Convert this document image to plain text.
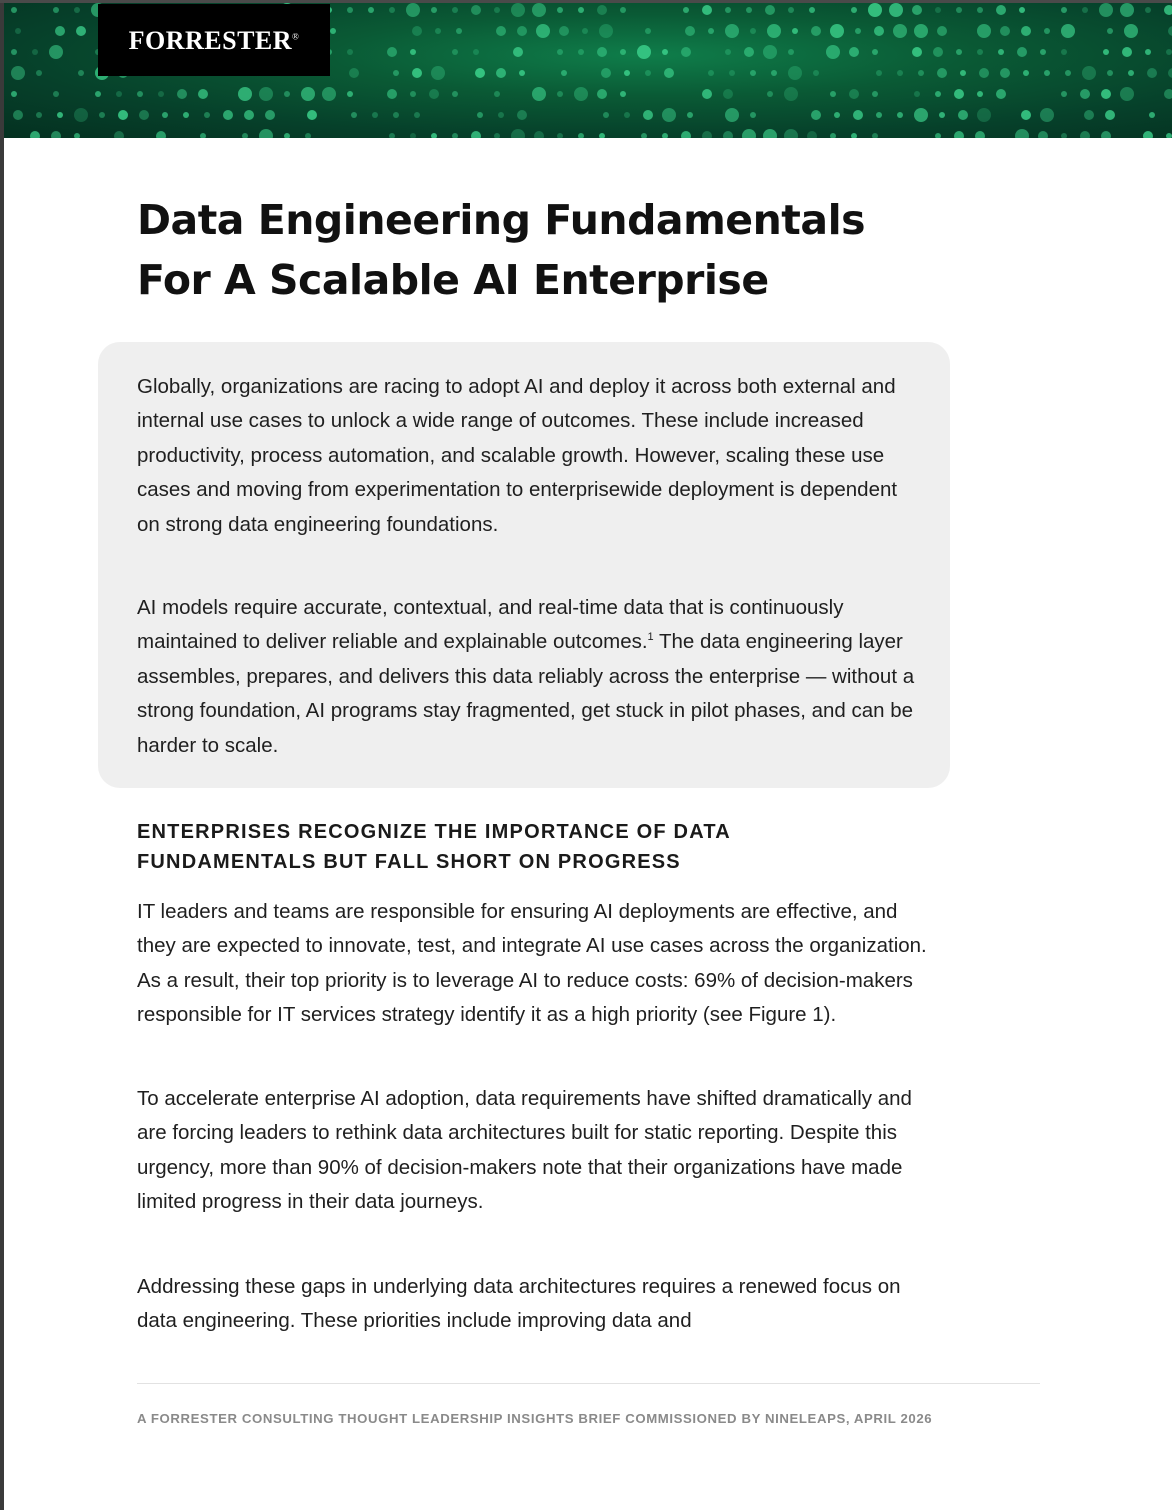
FORRESTER®
Data Engineering Fundamentals
For A Scalable AI Enterprise

Globally, organizations are racing to adopt AI and deploy it across both external and internal use cases to unlock a wide range of outcomes. These include increased productivity, process automation, and scalable growth. However, scaling these use cases and moving from experimentation to enterprisewide deployment is dependent on strong data engineering foundations.

AI models require accurate, contextual, and real-time data that is continuously maintained to deliver reliable and explainable outcomes.$^1$ The data engineering layer assembles, prepares, and delivers this data reliably across the enterprise — without a strong foundation, AI programs stay fragmented, get stuck in pilot phases, and can be harder to scale.

ENTERPRISES RECOGNIZE THE IMPORTANCE OF DATA FUNDAMENTALS BUT FALL SHORT ON PROGRESS

IT leaders and teams are responsible for ensuring AI deployments are effective, and they are expected to innovate, test, and integrate AI use cases across the organization. As a result, their top priority is to leverage AI to reduce costs: 69% of decision-makers responsible for IT services strategy identify it as a high priority (see Figure 1).

To accelerate enterprise AI adoption, data requirements have shifted dramatically and are forcing leaders to rethink data architectures built for static reporting. Despite this urgency, more than 90% of decision-makers note that their organizations have made limited progress in their data journeys.

Addressing these gaps in underlying data architectures requires a renewed focus on data engineering. These priorities include improving data and

A FORRESTER CONSULTING THOUGHT LEADERSHIP INSIGHTS BRIEF COMMISSIONED BY NINELEAPS, APRIL 2026
